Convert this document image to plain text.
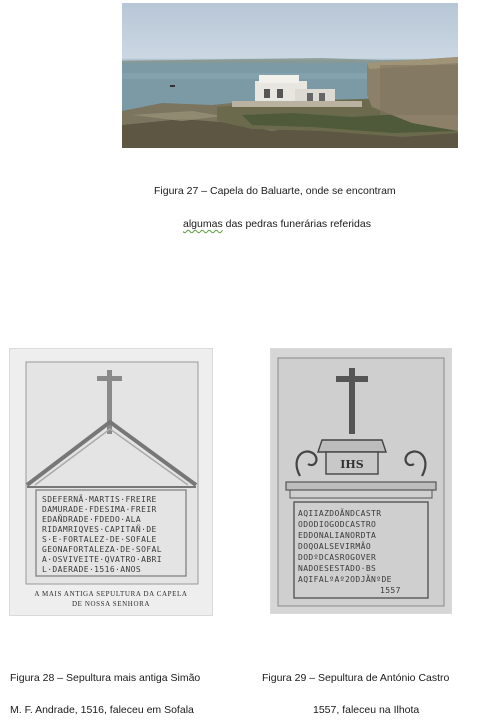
Figura 27 – Capela do Baluarte, onde se encontram
algumas das pedras funerárias referidas
SDEFERNÃ·MARTIS·FREIRE
DAMURADE·FDESIMA·FREIR
EDAÑDRADE·FDEDO·ALA
RIDAMRIQVES·CAPITAÑ·DE
S·E·FORTALEZ·DE·SOFALE
GEONAFORTALEZA·DE·SOFAL
A·OSVIVEITE·QVATRO·ABRI
L·DAERADE·1516·ANOS
A MAIS ANTIGA SEPULTURA DA CAPELA
DE NOSSA SENHORA
IHS
AQIIAZDOÃNDCASTR
ODODIOGODCASTRO
EDDONALIANORDTA
DOQOALSEVIRMÃO
DODºDCASROGOVER
NADOESESTADO·BS
AQIFALºAº2ODJÃNºDE
1557
Figura 28 – Sepultura mais antiga Simão
M. F. Andrade, 1516, faleceu em Sofala
Figura 29 – Sepultura de António Castro
1557, faleceu na Ilhota
